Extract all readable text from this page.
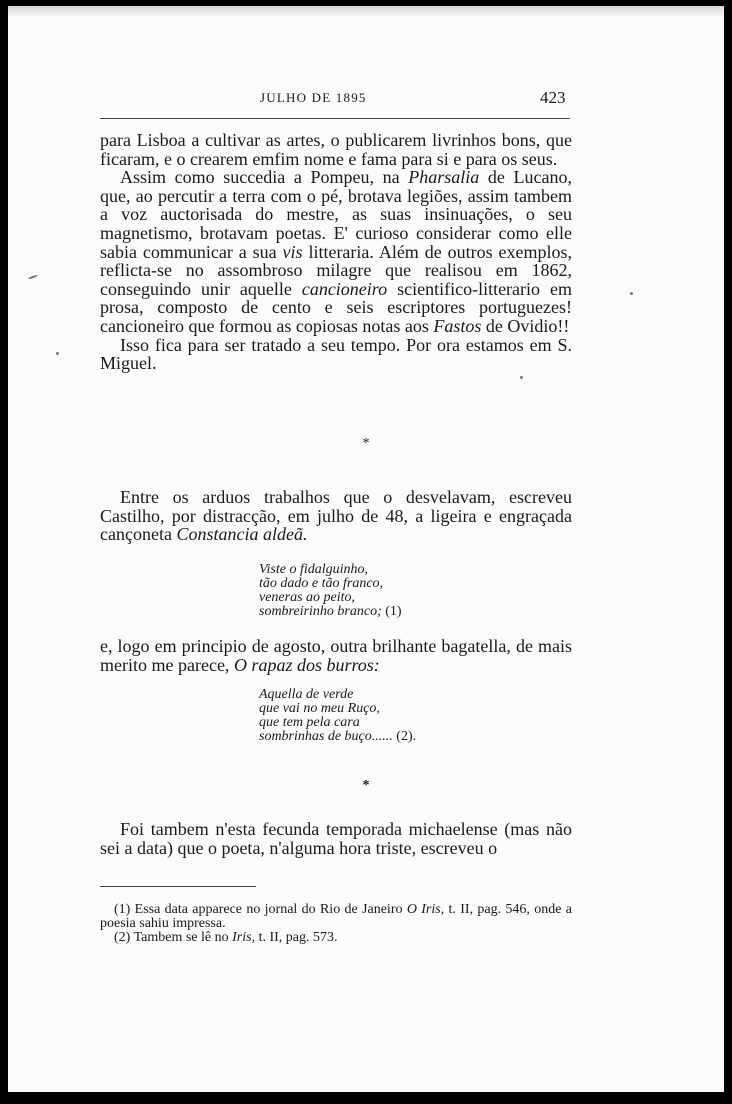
JULHO DE 1895	423

para Lisboa a cultivar as artes, o publicarem livrinhos bons, que ficaram, e o crearem emfim nome e fama para si e para os seus.

Assim como succedia a Pompeu, na Pharsalia de Lucano, que, ao percutir a terra com o pé, brotava legiões, assim tambem a voz auctorisada do mestre, as suas insinuações, o seu magnetismo, brotavam poetas. E' curioso considerar como elle sabia communicar a sua vis litteraria. Além de outros exemplos, reflicta-se no assombroso milagre que realisou em 1862, conseguindo unir aquelle cancioneiro scientifico-litterario em prosa, composto de cento e seis escriptores portuguezes! cancioneiro que formou as copiosas notas aos Fastos de Ovidio!!

Isso fica para ser tratado a seu tempo. Por ora estamos em S. Miguel.

*

Entre os arduos trabalhos que o desvelavam, escreveu Castilho, por distracção, em julho de 48, a ligeira e engraçada cançoneta Constancia aldeã.

Viste o fidalguinho,
tão dado e tão franco,
veneras ao peito,
sombreirinho branco; (1)

e, logo em principio de agosto, outra brilhante bagatella, de mais merito me parece, O rapaz dos burros:

Aquella de verde
que vai no meu Ruço,
que tem pela cara
sombrinhas de buço...... (2).
*

Foi tambem n'esta fecunda temporada michaelense (mas não sei a data) que o poeta, n'alguma hora triste, escreveu o

(1) Essa data apparece no jornal do Rio de Janeiro O Iris, t. II, pag. 546, onde a poesia sahiu impressa.

(2) Tambem se lê no Iris, t. II, pag. 573.
